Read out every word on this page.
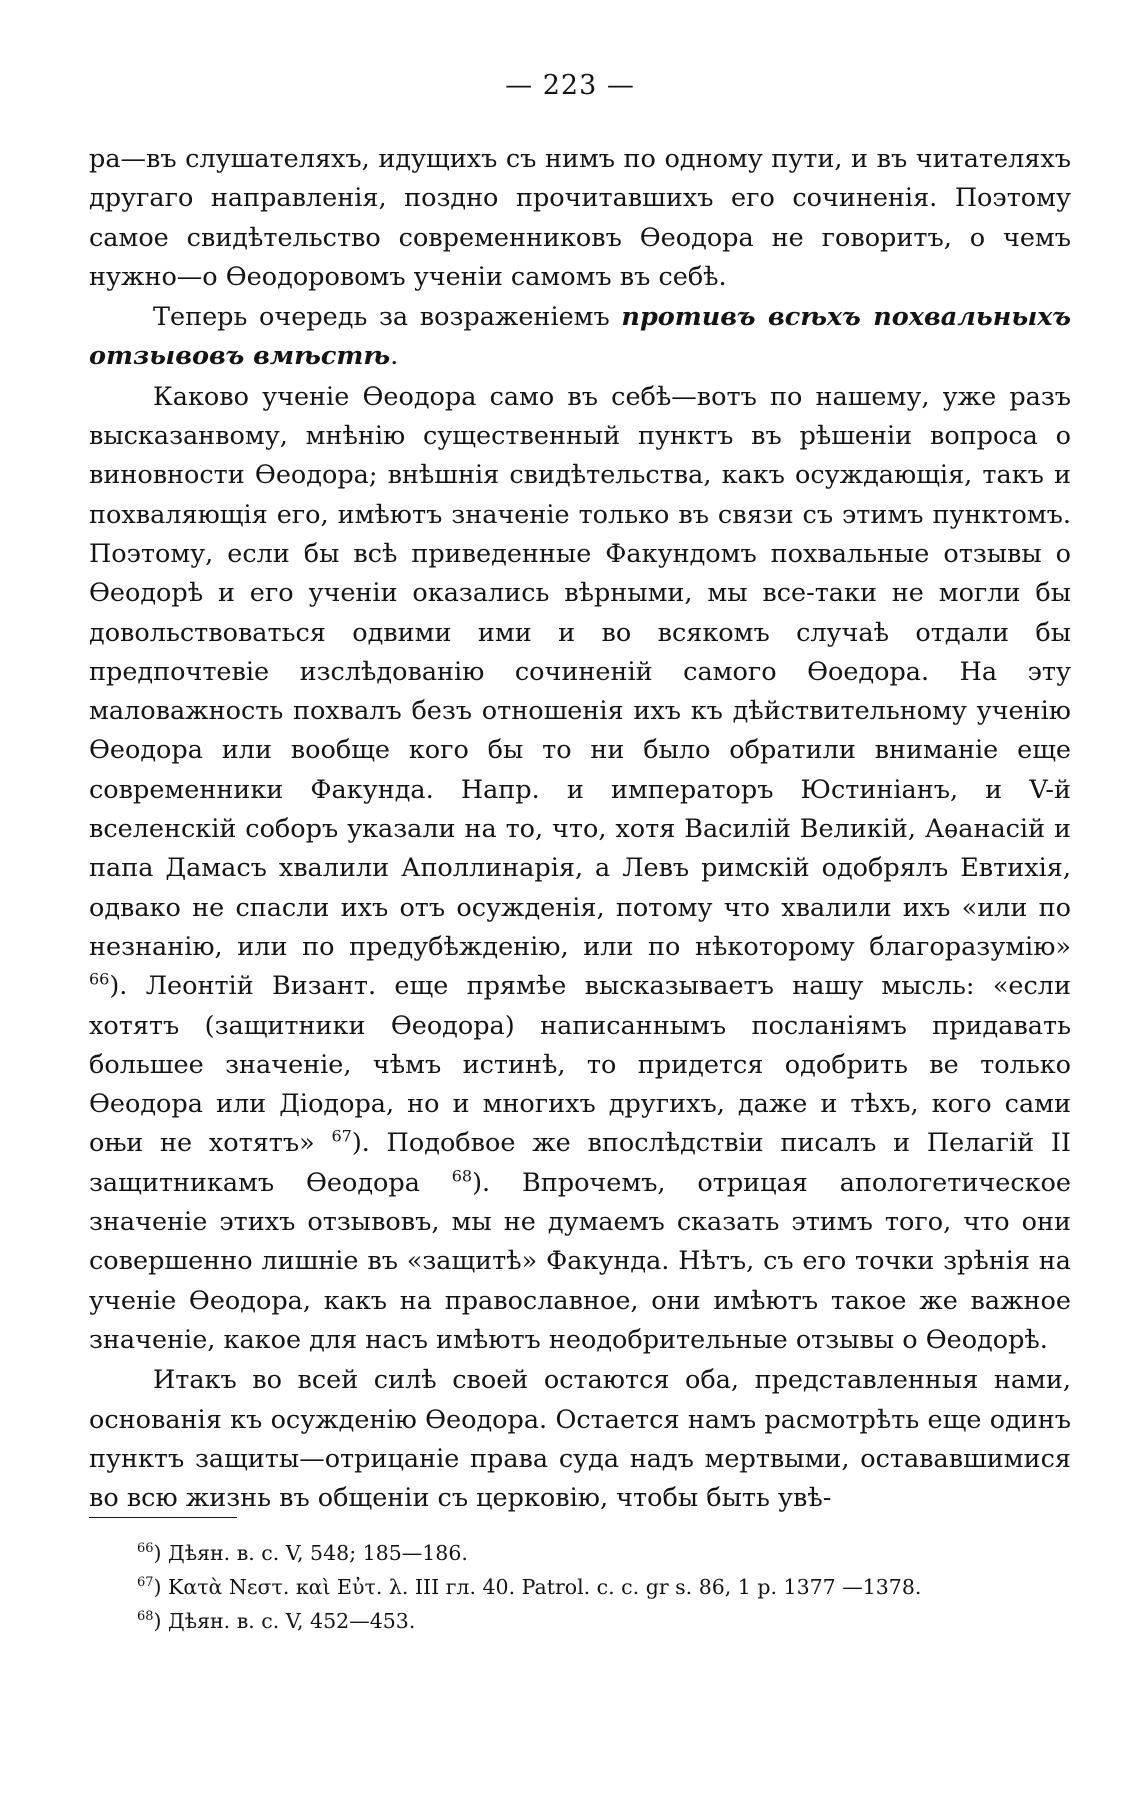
— 223 —

ра—въ слушателяхъ, идущихъ съ нимъ по одному пути, и въ читателяхъ другаго направленія, поздно прочитавшихъ его сочиненія. Поэтому самое свидѣтельство современниковъ Ѳеодора не говоритъ, о чемъ нужно—о Ѳеодоровомъ ученіи самомъ въ себѣ.

Теперь очередь за возраженіемъ противъ всѣхъ похвальныхъ отзывовъ вмѣстѣ.

Каково ученіе Ѳеодора само въ себѣ—вотъ по нашему, уже разъ высказанвому, мнѣнію существенный пунктъ въ рѣшеніи вопроса о виновности Ѳеодора; внѣшнія свидѣтельства, какъ осуждающія, такъ и похваляющія его, имѣютъ значеніе только въ связи съ этимъ пунктомъ. Поэтому, если бы всѣ приведенные Факундомъ похвальные отзывы о Ѳеодорѣ и его ученіи оказались вѣрными, мы все-таки не могли бы довольствоваться одвими ими и во всякомъ случаѣ отдали бы предпочтевіе изслѣдованію сочиненій самого Ѳоедора. На эту маловажность похвалъ безъ отношенія ихъ къ дѣйствительному ученію Ѳеодора или вообще кого бы то ни было обратили вниманіе еще современники Факунда. Напр. и императоръ Юстиніанъ, и V-й вселенскій соборъ указали на то, что, хотя Василій Великій, Аѳанасій и папа Дамасъ хвалили Аполлинарія, а Левъ римскій одобрялъ Евтихія, одвако не спасли ихъ отъ осужденія, потому что хвалили ихъ «или по незнанію, или по предубѣжденію, или по нѣкоторому благоразумію» $^{66}$). Леонтій Визант. еще прямѣе высказываетъ нашу мысль: «если хотятъ (защитники Ѳеодора) написаннымъ посланіямъ придавать большее значеніе, чѣмъ истинѣ, то придется одобрить ве только Ѳеодора или Діодора, но и многихъ другихъ, даже и тѣхъ, кого сами оњи не хотятъ» $^{67}$). Подобвое же впослѣдствіи писалъ и Пелагій II защитникамъ Ѳеодора $^{68}$). Впрочемъ, отрицая апологетическое значеніе этихъ отзывовъ, мы не думаемъ сказать этимъ того, что они совершенно лишніе въ «защитѣ» Факунда. Нѣтъ, съ его точки зрѣнія на ученіе Ѳеодора, какъ на православное, они имѣютъ такое же важное значеніе, какое для насъ имѣютъ неодобрительные отзывы о Ѳеодорѣ.

Итакъ во всей силѣ своей остаются оба, представленныя нами, основанія къ осужденію Ѳеодора. Остается намъ расмотрѣть еще одинъ пунктъ защиты—отрицаніе права суда надъ мертвыми, остававшимися во всю жизнь въ общеніи съ церковію, чтобы быть увѣ-

$^{66}$) Дѣян. в. с. V, 548; 185—186.

$^{67}$) Κατὰ Νεστ. καὶ Εὐτ. λ. III гл. 40. Patrol. c. c. gr s. 86, 1 p. 1377 —1378.

$^{68}$) Дѣян. в. с. V, 452—453.
